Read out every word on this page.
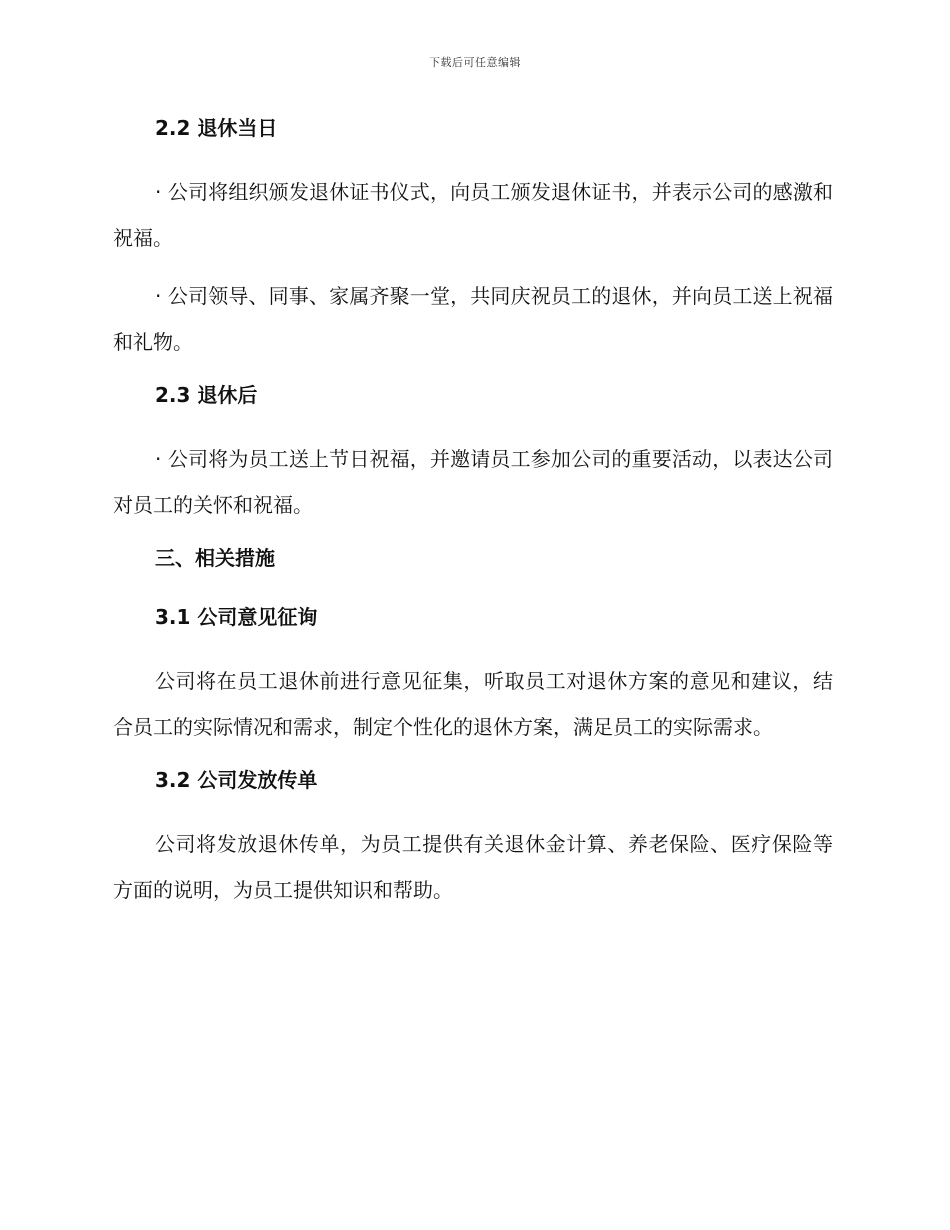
下载后可任意编辑
2.2 退休当日
· 公司将组织颁发退休证书仪式，向员工颁发退休证书，并表示公司的感激和祝福。
· 公司领导、同事、家属齐聚一堂，共同庆祝员工的退休，并向员工送上祝福和礼物。
2.3 退休后
· 公司将为员工送上节日祝福，并邀请员工参加公司的重要活动，以表达公司对员工的关怀和祝福。
三、相关措施
3.1 公司意见征询
公司将在员工退休前进行意见征集，听取员工对退休方案的意见和建议，结合员工的实际情况和需求，制定个性化的退休方案，满足员工的实际需求。
3.2 公司发放传单
公司将发放退休传单，为员工提供有关退休金计算、养老保险、医疗保险等方面的说明，为员工提供知识和帮助。
